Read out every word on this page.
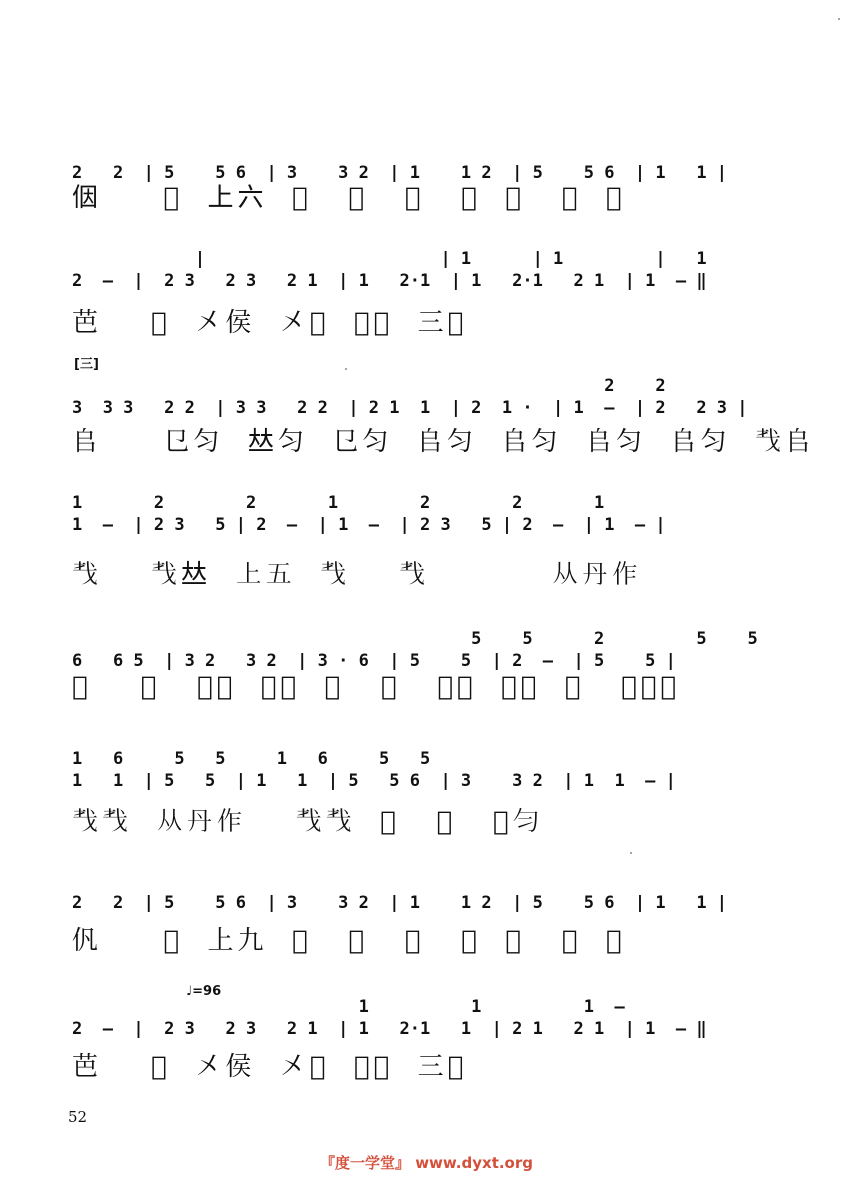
2   2  | 5    5 6  | 3    3 2  | 1    1 2  | 5    5 6  | 1   1 |

𪜶     𬐶  上六  𬐶   𣇒   𣇒   𣇒  𣇒   𣇒  𣇒

|                       | 1      | 1         |   1

2  —  |  2 3   2 3   2 1  | 1   2·1  | 1   2·1   2 1  | 1  — ‖

芭    𫂁  㐅侯  㐅𠇒  𢦒𠀤  三𠙹
[三]

2    2

3  3 3   2 2  | 3 3   2 2  | 2 1  1  | 2  1 ·  | 1  —  | 2   2 3 |

𠂤     㔾匀  𠀤匀  㔾匀  𠂤匀  𠂤匀  𠂤匀  𠂤匀  𢦒𠂤

1       2        2       1        2        2       1

1  —  | 2 3   5 | 2  —  | 1  —  | 2 3   5 | 2  —  | 1  — |

𢦒    𢦒𠀤  上五  𢦒    𢦒          从丹作

5    5      2         5    5

6   6 5  | 3 2   3 2  | 3 · 6  | 5    5  | 2  —  | 5    5 |

𬐶    𣇒   匀㔾  㐅㔾  㐅   巾   𢦒𠀤  𢦒𠀤  𢦒   𢦒𠀤𢦒

1   6     5   5     1   6     5   5

1   1  | 5   5  | 1   1  | 5   5 6  | 3    3 2  | 1  1  — |

𢦒𢦒  从丹作    𢦒𢦒  𬐶   𣇒   𣇒匀

2   2  | 5    5 6  | 3    3 2  | 1    1 2  | 5    5 6  | 1   1 |

𠆩     𬐶  上九  𬐶   𣇒   𣇒   𣇒  𣇒   𣇒  𣇒
♩=96

1          1          1  —

2  —  |  2 3   2 3   2 1  | 1   2·1   1  | 2 1   2 1  | 1  — ‖

芭    𫂁  㐅侯  㐅𠇒  𢦒𠀤  三𠙹
52
『度一学堂』 www.dyxt.org
